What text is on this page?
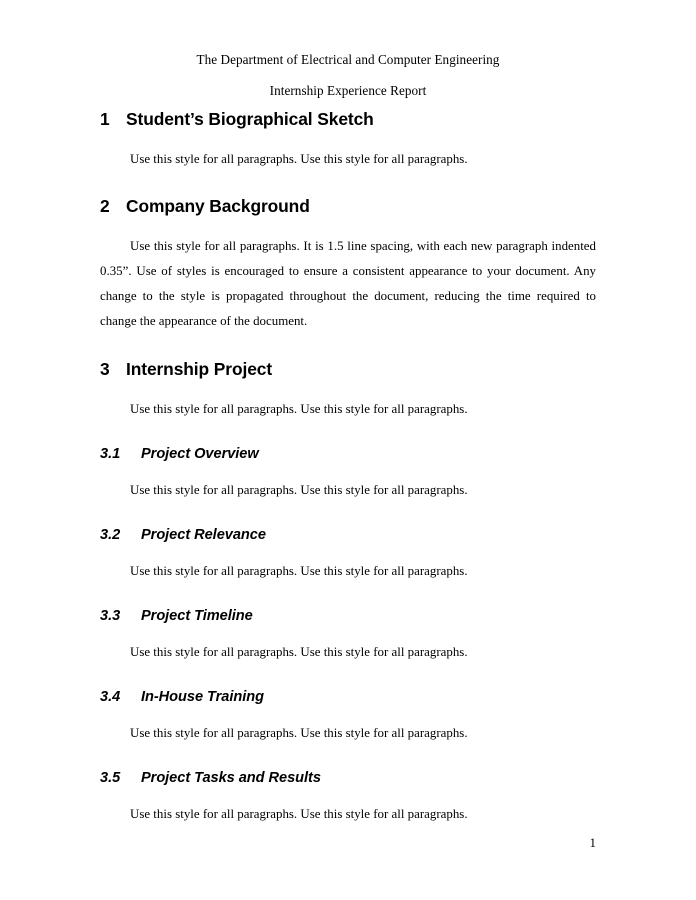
The Department of Electrical and Computer Engineering
Internship Experience Report
1 Student’s Biographical Sketch

Use this style for all paragraphs. Use this style for all paragraphs.

2 Company Background

Use this style for all paragraphs. It is 1.5 line spacing, with each new paragraph indented 0.35”. Use of styles is encouraged to ensure a consistent appearance to your document. Any change to the style is propagated throughout the document, reducing the time required to change the appearance of the document.

3 Internship Project

Use this style for all paragraphs. Use this style for all paragraphs.

3.1	Project Overview

Use this style for all paragraphs. Use this style for all paragraphs.

3.2	Project Relevance

Use this style for all paragraphs. Use this style for all paragraphs.

3.3	Project Timeline

Use this style for all paragraphs. Use this style for all paragraphs.

3.4	In-House Training

Use this style for all paragraphs. Use this style for all paragraphs.

3.5	Project Tasks and Results

Use this style for all paragraphs. Use this style for all paragraphs.

1
